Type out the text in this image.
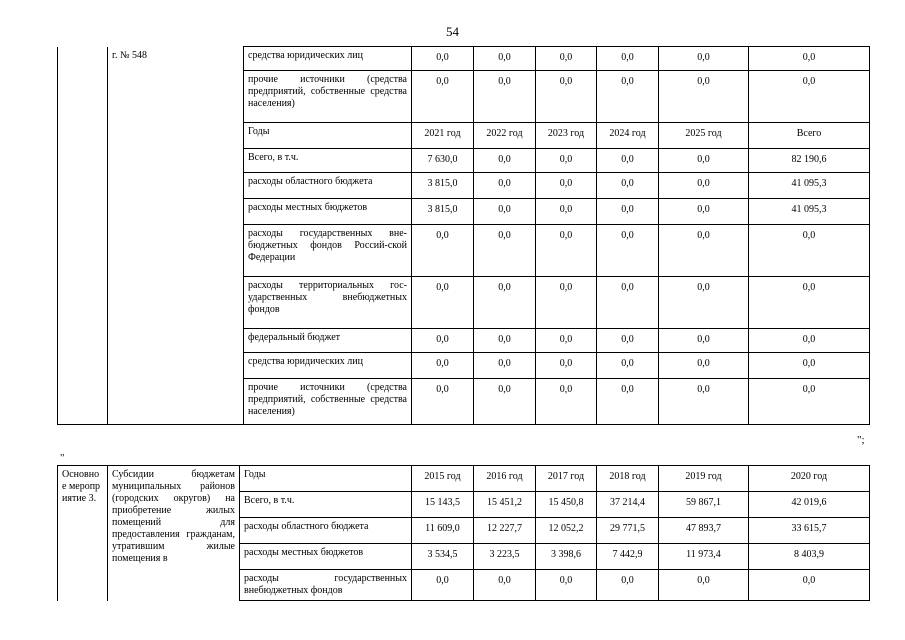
54
	г. № 548	средства юридических лиц	0,0	0,0	0,0	0,0	0,0	0,0
		прочие источники (средства предприятий, собственные средства населения)	0,0	0,0	0,0	0,0	0,0	0,0
		Годы	2021 год	2022 год	2023 год	2024 год	2025 год	Всего
		Всего, в т.ч.	7 630,0	0,0	0,0	0,0	0,0	82 190,6
		расходы областного бюджета	3 815,0	0,0	0,0	0,0	0,0	41 095,3
		расходы местных бюджетов	3 815,0	0,0	0,0	0,0	0,0	41 095,3
		расходы государственных вне-бюджетных фондов Россий-ской Федерации	0,0	0,0	0,0	0,0	0,0	0,0
		расходы территориальных гос-ударственных внебюджетных фондов	0,0	0,0	0,0	0,0	0,0	0,0
		федеральный бюджет	0,0	0,0	0,0	0,0	0,0	0,0
		средства юридических лиц	0,0	0,0	0,0	0,0	0,0	0,0
		прочие источники (средства предприятий, собственные средства населения)	0,0	0,0	0,0	0,0	0,0	0,0
";
"
Основное мероприятие 3.	Субсидии бюджетам муниципальных районов (городских округов) на приобретение жилых помещений для предоставления гражданам, утратившим жилые помещения в	Годы	2015 год	2016 год	2017 год	2018 год	2019 год	2020 год
		Всего, в т.ч.	15 143,5	15 451,2	15 450,8	37 214,4	59 867,1	42 019,6
		расходы областного бюджета	11 609,0	12 227,7	12 052,2	29 771,5	47 893,7	33 615,7
		расходы местных бюджетов	3 534,5	3 223,5	3 398,6	7 442,9	11 973,4	8 403,9
		расходы государственных внебюджетных фондов	0,0	0,0	0,0	0,0	0,0	0,0
